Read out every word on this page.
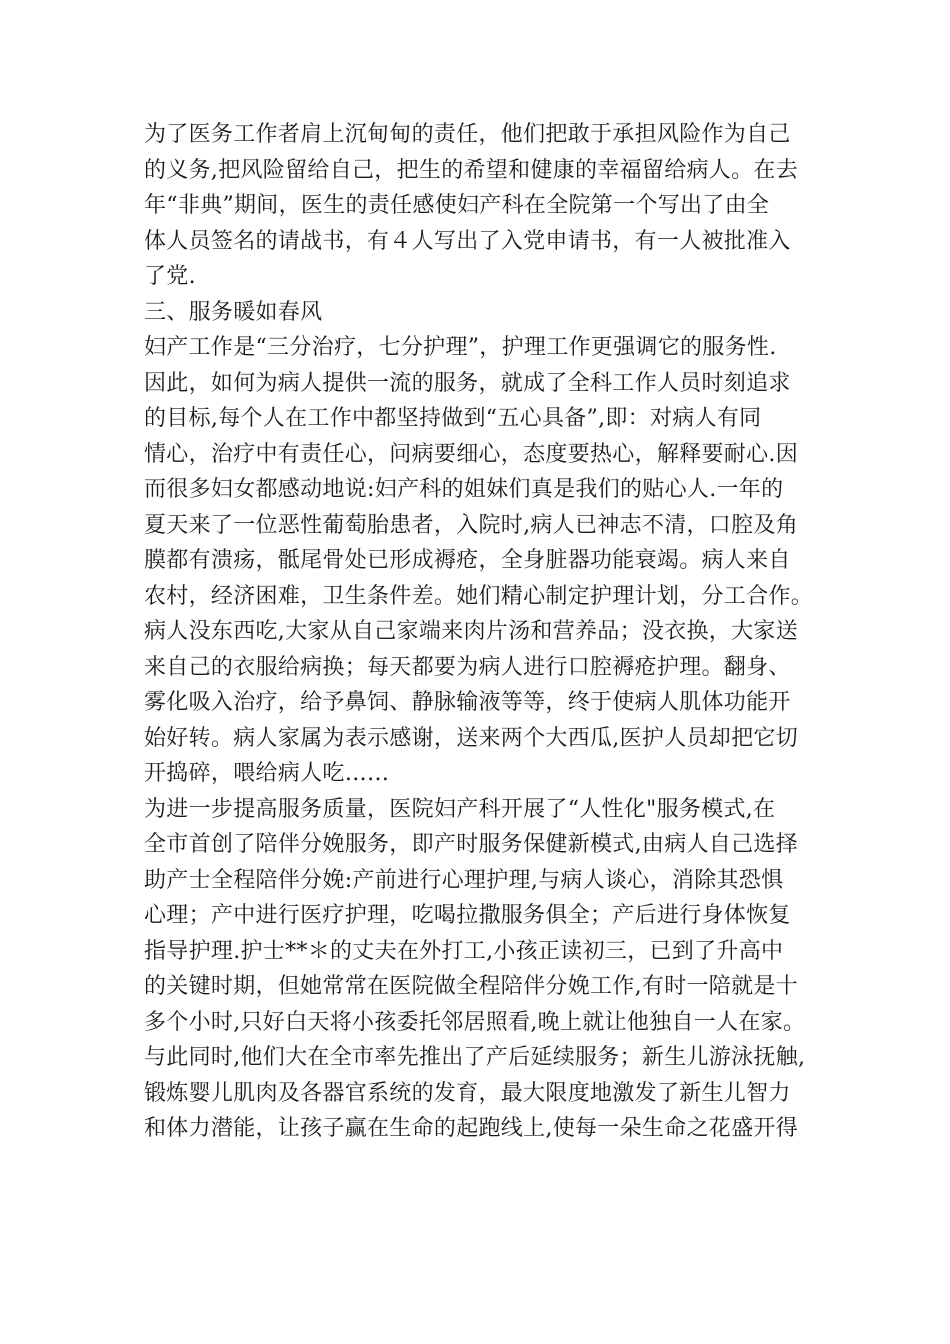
为了医务工作者肩上沉甸甸的责任，他们把敢于承担风险作为自己
的义务,把风险留给自己，把生的希望和健康的幸福留给病人。在去
年“非典”期间，医生的责任感使妇产科在全院第一个写出了由全
体人员签名的请战书，有４人写出了入党申请书，有一人被批准入
了党.
三、服务暖如春风
妇产工作是“三分治疗，七分护理”，护理工作更强调它的服务性.
因此，如何为病人提供一流的服务，就成了全科工作人员时刻追求
的目标,每个人在工作中都坚持做到“五心具备”,即：对病人有同
情心，治疗中有责任心，问病要细心，态度要热心，解释要耐心.因
而很多妇女都感动地说:妇产科的姐妹们真是我们的贴心人.一年的
夏天来了一位恶性葡萄胎患者，入院时,病人已神志不清，口腔及角
膜都有溃疡，骶尾骨处已形成褥疮，全身脏器功能衰竭。病人来自
农村，经济困难，卫生条件差。她们精心制定护理计划，分工合作。
病人没东西吃,大家从自己家端来肉片汤和营养品；没衣换，大家送
来自己的衣服给病换；每天都要为病人进行口腔褥疮护理。翻身、
雾化吸入治疗，给予鼻饲、静脉输液等等，终于使病人肌体功能开
始好转。病人家属为表示感谢，送来两个大西瓜,医护人员却把它切
开捣碎，喂给病人吃……
为进一步提高服务质量，医院妇产科开展了“人性化"服务模式,在
全市首创了陪伴分娩服务，即产时服务保健新模式,由病人自己选择
助产士全程陪伴分娩:产前进行心理护理,与病人谈心，消除其恐惧
心理；产中进行医疗护理，吃喝拉撒服务俱全；产后进行身体恢复
指导护理.护士**＊的丈夫在外打工,小孩正读初三，已到了升高中
的关键时期，但她常常在医院做全程陪伴分娩工作,有时一陪就是十
多个小时,只好白天将小孩委托邻居照看,晚上就让他独自一人在家。
与此同时,他们大在全市率先推出了产后延续服务；新生儿游泳抚触,
锻炼婴儿肌肉及各器官系统的发育，最大限度地激发了新生儿智力
和体力潜能，让孩子赢在生命的起跑线上,使每一朵生命之花盛开得
